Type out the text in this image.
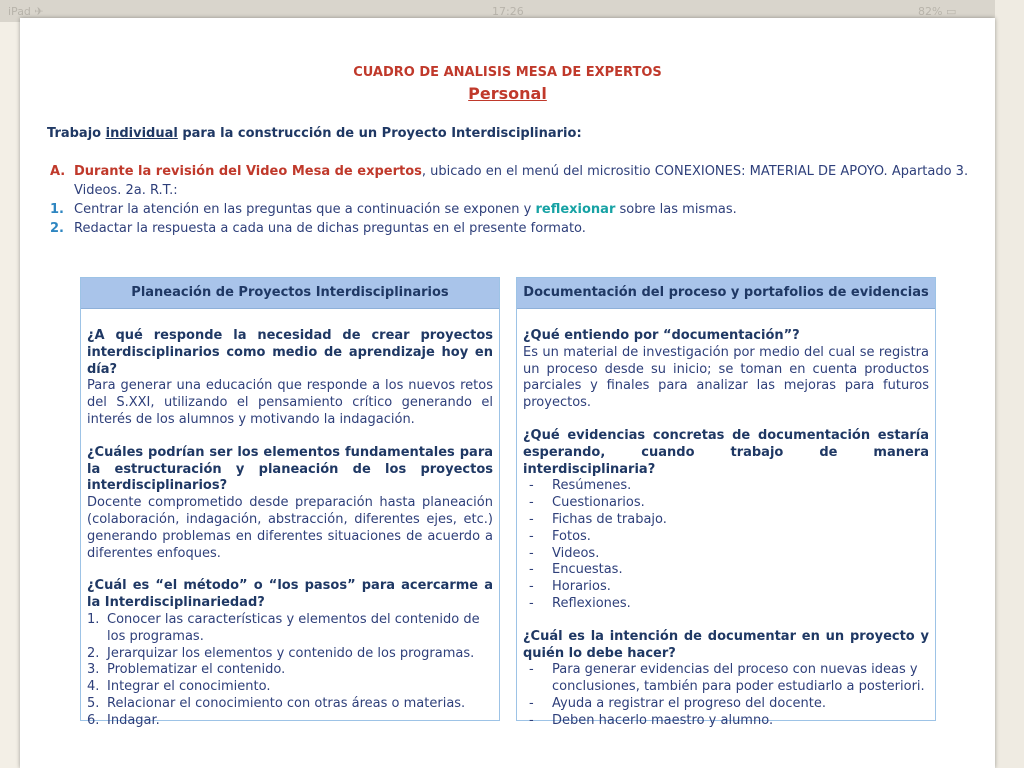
iPad ✈	17:26	82% ▭
CUADRO DE ANALISIS MESA DE EXPERTOS
Personal
Trabajo individual para la construcción de un Proyecto Interdisciplinario:
A. Durante la revisión del Video Mesa de expertos, ubicado en el menú del micrositio CONEXIONES: MATERIAL DE APOYO. Apartado 3. Videos. 2a. R.T.:
1. Centrar la atención en las preguntas que a continuación se exponen y reflexionar sobre las mismas.
2. Redactar la respuesta a cada una de dichas preguntas en el presente formato.
Planeación de Proyectos Interdisciplinarios
¿A qué responde la necesidad de crear proyectos interdisciplinarios como medio de aprendizaje hoy en día?
Para generar una educación que responde a los nuevos retos del S.XXI, utilizando el pensamiento crítico generando el interés de los alumnos y motivando la indagación.
¿Cuáles podrían ser los elementos fundamentales para la estructuración y planeación de los proyectos interdisciplinarios?
Docente comprometido desde preparación hasta planeación (colaboración, indagación, abstracción, diferentes ejes, etc.) generando problemas en diferentes situaciones de acuerdo a diferentes enfoques.
¿Cuál es “el método” o “los pasos” para acercarme a la Interdisciplinariedad?
1. Conocer las características y elementos del contenido de los programas.
2. Jerarquizar los elementos y contenido de los programas.
3. Problematizar el contenido.
4. Integrar el conocimiento.
5. Relacionar el conocimiento con otras áreas o materias.
6. Indagar.
Documentación del proceso y portafolios de evidencias
¿Qué entiendo por “documentación”?
Es un material de investigación por medio del cual se registra un proceso desde su inicio; se toman en cuenta productos parciales y finales para analizar las mejoras para futuros proyectos.
¿Qué evidencias concretas de documentación estaría esperando, cuando trabajo de manera interdisciplinaria?
- Resúmenes.
- Cuestionarios.
- Fichas de trabajo.
- Fotos.
- Videos.
- Encuestas.
- Horarios.
- Reflexiones.
¿Cuál es la intención de documentar en un proyecto y quién lo debe hacer?
- Para generar evidencias del proceso con nuevas ideas y conclusiones, también para poder estudiarlo a posteriori.
- Ayuda a registrar el progreso del docente.
- Deben hacerlo maestro y alumno.
